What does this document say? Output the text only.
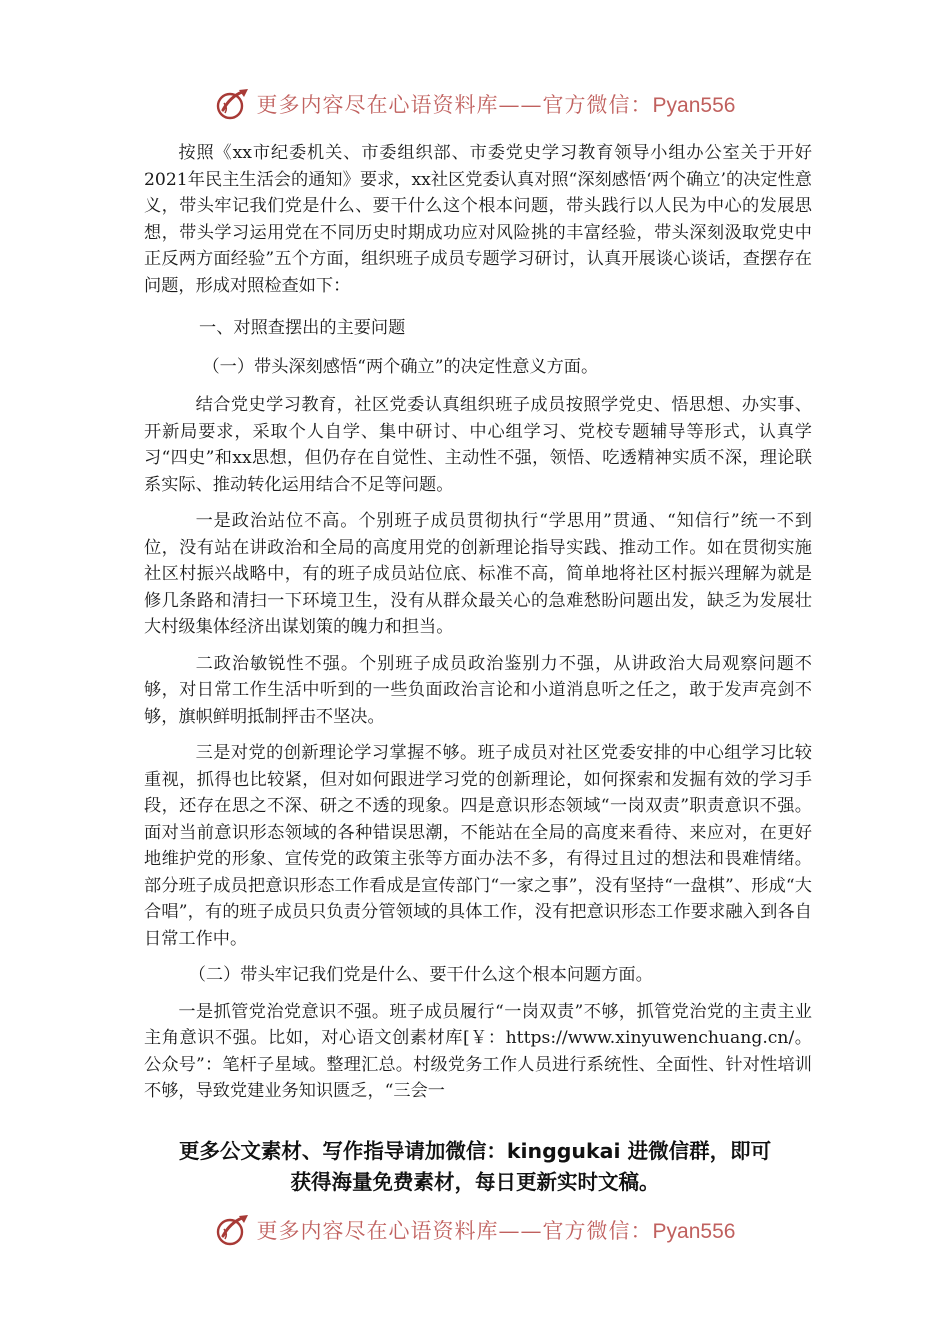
更多内容尽在心语资料库——官方微信：Pyan556

按照《xx市纪委机关、市委组织部、市委党史学习教育领导小组办公室关于开好2021年民主生活会的通知》要求，xx社区党委认真对照“深刻感悟‘两个确立’的决定性意义，带头牢记我们党是什么、要干什么这个根本问题，带头践行以人民为中心的发展思想，带头学习运用党在不同历史时期成功应对风险挑的丰富经验，带头深刻汲取党史中正反两方面经验”五个方面，组织班子成员专题学习研讨，认真开展谈心谈话，查摆存在问题，形成对照检查如下：

一、对照查摆出的主要问题

（一）带头深刻感悟“两个确立”的决定性意义方面。

结合党史学习教育，社区党委认真组织班子成员按照学党史、悟思想、办实事、开新局要求，采取个人自学、集中研讨、中心组学习、党校专题辅导等形式，认真学习“四史”和xx思想，但仍存在自觉性、主动性不强，领悟、吃透精神实质不深，理论联系实际、推动转化运用结合不足等问题。

一是政治站位不高。个别班子成员贯彻执行“学思用”贯通、“知信行”统一不到位，没有站在讲政治和全局的高度用党的创新理论指导实践、推动工作。如在贯彻实施社区村振兴战略中，有的班子成员站位底、标准不高，简单地将社区村振兴理解为就是修几条路和清扫一下环境卫生，没有从群众最关心的急难愁盼问题出发，缺乏为发展壮大村级集体经济出谋划策的魄力和担当。

二政治敏锐性不强。个别班子成员政治鉴别力不强，从讲政治大局观察问题不够，对日常工作生活中听到的一些负面政治言论和小道消息听之任之，敢于发声亮剑不够，旗帜鲜明抵制抨击不坚决。

三是对党的创新理论学习掌握不够。班子成员对社区党委安排的中心组学习比较重视，抓得也比较紧，但对如何跟进学习党的创新理论，如何探索和发掘有效的学习手段，还存在思之不深、研之不透的现象。四是意识形态领域“一岗双责”职责意识不强。面对当前意识形态领域的各种错误思潮，不能站在全局的高度来看待、来应对，在更好地维护党的形象、宣传党的政策主张等方面办法不多，有得过且过的想法和畏难情绪。部分班子成员把意识形态工作看成是宣传部门“一家之事”，没有坚持“一盘棋”、形成“大合唱”，有的班子成员只负责分管领域的具体工作，没有把意识形态工作要求融入到各自日常工作中。

（二）带头牢记我们党是什么、要干什么这个根本问题方面。

一是抓管党治党意识不强。班子成员履行“一岗双责”不够，抓管党治党的主责主业主角意识不强。比如，对心语文创素材库[￥：https://www.xinyuwenchuang.cn/。公众号”：笔杆子星域。整理汇总。村级党务工作人员进行系统性、全面性、针对性培训不够，导致党建业务知识匮乏，“三会一

更多公文素材、写作指导请加微信：kinggukai 进微信群，即可
获得海量免费素材，每日更新实时文稿。
更多内容尽在心语资料库——官方微信：Pyan556
